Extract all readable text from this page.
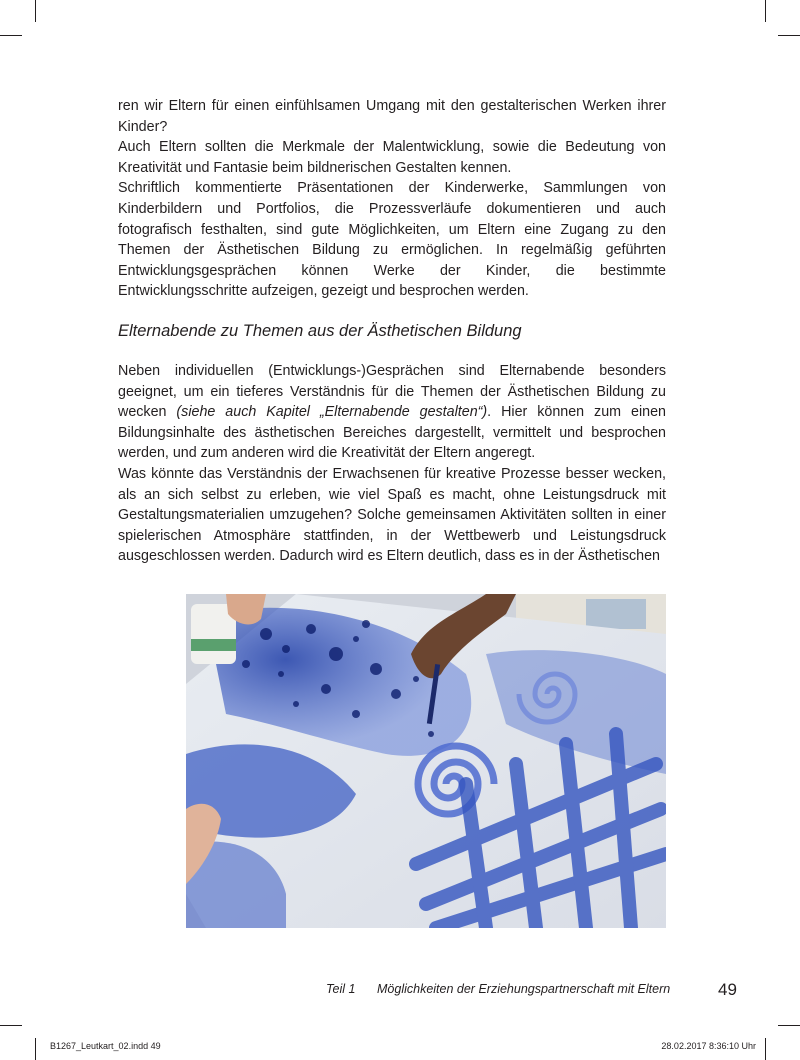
ren wir Eltern für einen einfühlsamen Umgang mit den gestalterischen Werken ihrer Kinder?

Auch Eltern sollten die Merkmale der Malentwicklung, sowie die Bedeutung von Kreativität und Fantasie beim bildnerischen Gestalten kennen.

Schriftlich kommentierte Präsentationen der Kinderwerke, Sammlungen von Kinderbildern und Portfolios, die Prozessverläufe dokumentieren und auch fotografisch festhalten, sind gute Möglichkeiten, um Eltern eine Zugang zu den Themen der Ästhetischen Bildung zu ermöglichen. In regelmäßig geführten Entwicklungsgesprächen können Werke der Kinder, die bestimmte Entwicklungsschritte aufzeigen, gezeigt und besprochen werden.

Elternabende zu Themen aus der Ästhetischen Bildung

Neben individuellen (Entwicklungs-)Gesprächen sind Elternabende besonders geeignet, um ein tieferes Verständnis für die Themen der Ästhetischen Bildung zu wecken (siehe auch Kapitel „Elternabende gestalten“). Hier können zum einen Bildungsinhalte des ästhetischen Bereiches dargestellt, vermittelt und besprochen werden, und zum anderen wird die Kreativität der Eltern angeregt.

Was könnte das Verständnis der Erwachsenen für kreative Prozesse besser wecken, als an sich selbst zu erleben, wie viel Spaß es macht, ohne Leistungsdruck mit Gestaltungsmaterialien umzugehen? Solche gemeinsamen Aktivitäten sollten in einer spielerischen Atmosphäre stattfinden, in der Wettbewerb und Leistungsdruck ausgeschlossen werden. Dadurch wird es Eltern deutlich, dass es in der Ästhetischen

Teil 1 Möglichkeiten der Erziehungspartnerschaft mit Eltern	49
B1267_Leutkart_02.indd 49	28.02.2017 8:36:10 Uhr
